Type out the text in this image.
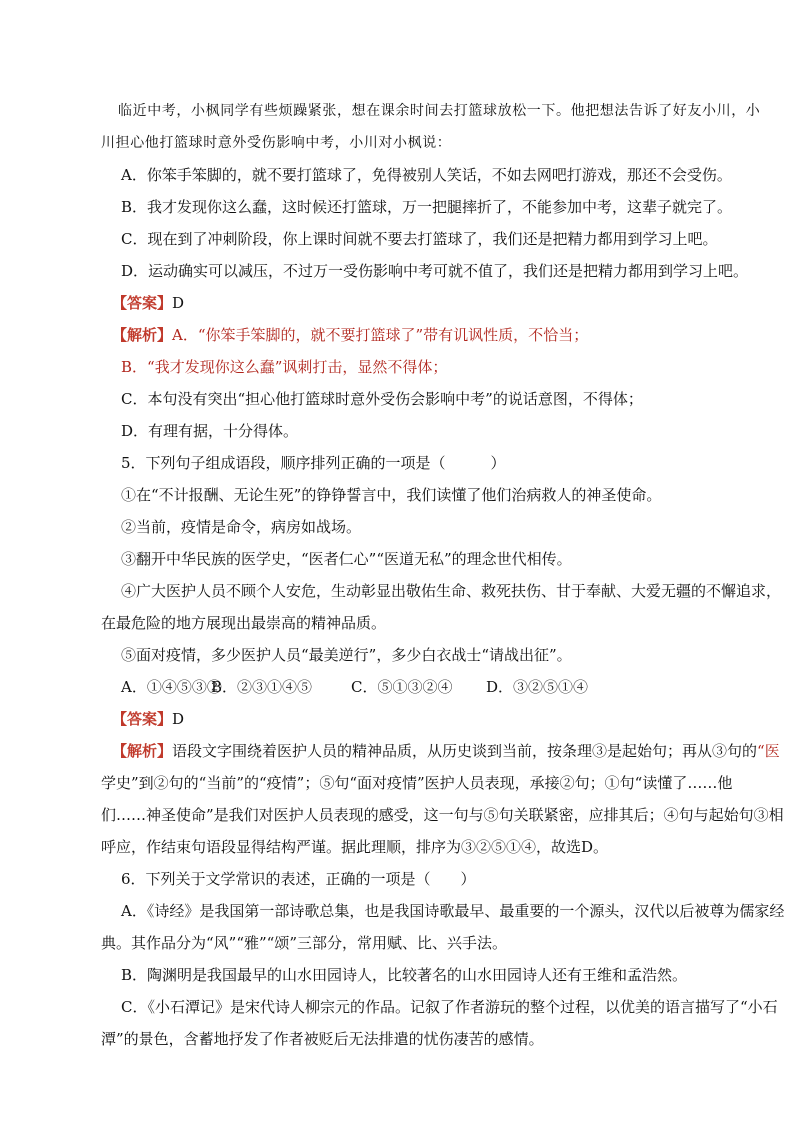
临近中考，小枫同学有些烦躁紧张，想在课余时间去打篮球放松一下。他把想法告诉了好友小川，小
川担心他打篮球时意外受伤影响中考，小川对小枫说：
A．你笨手笨脚的，就不要打篮球了，免得被别人笑话，不如去网吧打游戏，那还不会受伤。
B．我才发现你这么蠢，这时候还打篮球，万一把腿摔折了，不能参加中考，这辈子就完了。
C．现在到了冲刺阶段，你上课时间就不要去打篮球了，我们还是把精力都用到学习上吧。
D．运动确实可以减压，不过万一受伤影响中考可就不值了，我们还是把精力都用到学习上吧。
【答案】D
【解析】A．“你笨手笨脚的，就不要打篮球了”带有讥讽性质，不恰当；
B．“我才发现你这么蠢”讽刺打击，显然不得体；
C．本句没有突出“担心他打篮球时意外受伤会影响中考”的说话意图，不得体；
D．有理有据，十分得体。
5．下列句子组成语段，顺序排列正确的一项是（　　　）
①在“不计报酬、无论生死”的铮铮誓言中，我们读懂了他们治病救人的神圣使命。
②当前，疫情是命令，病房如战场。
③翻开中华民族的医学史，“医者仁心”“医道无私”的理念世代相传。
④广大医护人员不顾个人安危，生动彰显出敬佑生命、救死扶伤、甘于奉献、大爱无疆的不懈追求，
在最危险的地方展现出最崇高的精神品质。
⑤面对疫情，多少医护人员“最美逆行”，多少白衣战士“请战出征”。
A．①④⑤③②B．②③①④⑤	C．⑤①③②④ D．③②⑤①④
【答案】D
【解析】语段文字围绕着医护人员的精神品质，从历史谈到当前，按条理③是起始句；再从③句的“医
学史”到②句的“当前”的“疫情”；⑤句“面对疫情”医护人员表现，承接②句；①句“读懂了……他
们……神圣使命”是我们对医护人员表现的感受，这一句与⑤句关联紧密，应排其后；④句与起始句③相
呼应，作结束句语段显得结构严谨。据此理顺，排序为③②⑤①④，故选D。
6．下列关于文学常识的表述，正确的一项是（　　）
A．《诗经》是我国第一部诗歌总集，也是我国诗歌最早、最重要的一个源头，汉代以后被尊为儒家经
典。其作品分为“风”“雅”“颂”三部分，常用赋、比、兴手法。
B．陶渊明是我国最早的山水田园诗人，比较著名的山水田园诗人还有王维和孟浩然。
C．《小石潭记》是宋代诗人柳宗元的作品。记叙了作者游玩的整个过程，以优美的语言描写了“小石
潭”的景色，含蓄地抒发了作者被贬后无法排遣的忧伤凄苦的感情。
